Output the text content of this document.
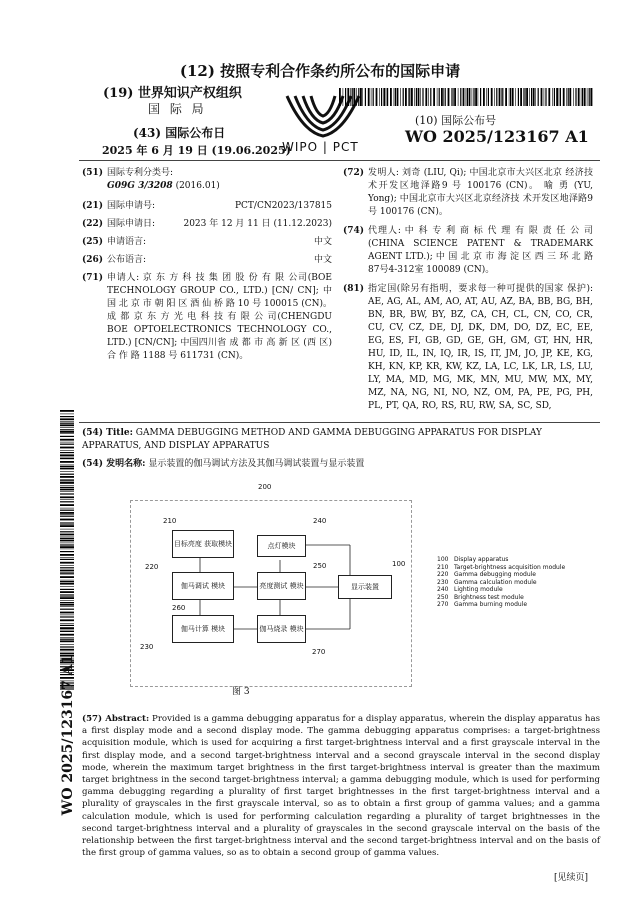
(12) 按照专利合作条约所公布的国际申请
(19) 世界知识产权组织
国 际 局
(43) 国际公布日
2025 年 6 月 19 日 (19.06.2025)
(10) 国际公布号
WO 2025/123167 A1
WIPO | PCT
WO 2025/123167 A1
(51) 国际专利分类号:
G09G 3/3208 (2016.01)
(21) 国际申请号:	PCT/CN2023/137815
(22) 国际申请日:	2023 年 12 月 11 日 (11.12.2023)
(25) 申请语言:	中文
(26) 公布语言:	中文
(71) 申请人: 京 东 方 科 技 集 团 股 份 有 限 公司(BOE TECHNOLOGY GROUP CO., LTD.) [CN/ CN]; 中 国 北 京 市 朝 阳 区 酒 仙 桥 路 10 号 100015 (CN)。 成 都 京 东 方 光 电 科 技 有 限 公 司(CHENGDU BOE OPTOELECTRONICS TECHNOLOGY CO., LTD.) [CN/CN]; 中国四川省 成 都 市 高 新 区 (西 区) 合 作 路 1188 号 611731 (CN)。
(72) 发明人: 刘奇 (LIU, Qi); 中国北京市大兴区北京 经济技术开发区地泽路9 号 100176 (CN)。 喻 勇 (YU, Yong); 中国北京市大兴区北京经济技 术开发区地泽路9号 100176 (CN)。
(74) 代理人: 中 科 专 利 商 标 代 理 有 限 责 任 公 司 (CHINA SCIENCE PATENT & TRADEMARK AGENT LTD.); 中 国 北 京 市 海 淀 区 西 三 环 北 路87号4-312室 100089 (CN)。
(81) 指定国(除另有指明，要求每一种可提供的国家 保护): AE, AG, AL, AM, AO, AT, AU, AZ, BA, BB, BG, BH, BN, BR, BW, BY, BZ, CA, CH, CL, CN, CO, CR, CU, CV, CZ, DE, DJ, DK, DM, DO, DZ, EC, EE, EG, ES, FI, GB, GD, GE, GH, GM, GT, HN, HR, HU, ID, IL, IN, IQ, IR, IS, IT, JM, JO, JP, KE, KG, KH, KN, KP, KR, KW, KZ, LA, LC, LK, LR, LS, LU, LY, MA, MD, MG, MK, MN, MU, MW, MX, MY, MZ, NA, NG, NI, NO, NZ, OM, PA, PE, PG, PH, PL, PT, QA, RO, RS, RU, RW, SA, SC, SD,
(54) Title: GAMMA DEBUGGING METHOD AND GAMMA DEBUGGING APPARATUS FOR DISPLAY APPARATUS, AND DISPLAY APPARATUS
(54) 发明名称: 显示装置的伽马调试方法及其伽马调试装置与显示装置
200
210	240
220	250	100
260
230
270
目标亮度 获取模块
伽马调试 模块
伽马计算 模块
点灯模块
亮度测试 模块
伽马烧录 模块
显示装置
图 3
100 Display apparatus
210 Target-brightness acquisition module
220 Gamma debugging module
230 Gamma calculation module
240 Lighting module
250 Brightness test module
270 Gamma burning module
(57) Abstract: Provided is a gamma debugging apparatus for a display apparatus, wherein the display apparatus has a first display mode and a second display mode. The gamma debugging apparatus comprises: a target-brightness acquisition module, which is used for acquiring a first target-brightness interval and a first grayscale interval in the first display mode, and a second target-brightness interval and a second grayscale interval in the second display mode, wherein the maximum target brightness in the first target-brightness interval is greater than the maximum target brightness in the second target-brightness interval; a gamma debugging module, which is used for performing gamma debugging regarding a plurality of first target brightnesses in the first target-brightness interval and a plurality of grayscales in the first grayscale interval, so as to obtain a first group of gamma values; and a gamma calculation module, which is used for performing calculation regarding a plurality of target brightnesses in the second target-brightness interval and a plurality of grayscales in the second grayscale interval on the basis of the relationship between the first target-brightness interval and the second target-brightness interval and on the basis of the first group of gamma values, so as to obtain a second group of gamma values.
[见续页]
